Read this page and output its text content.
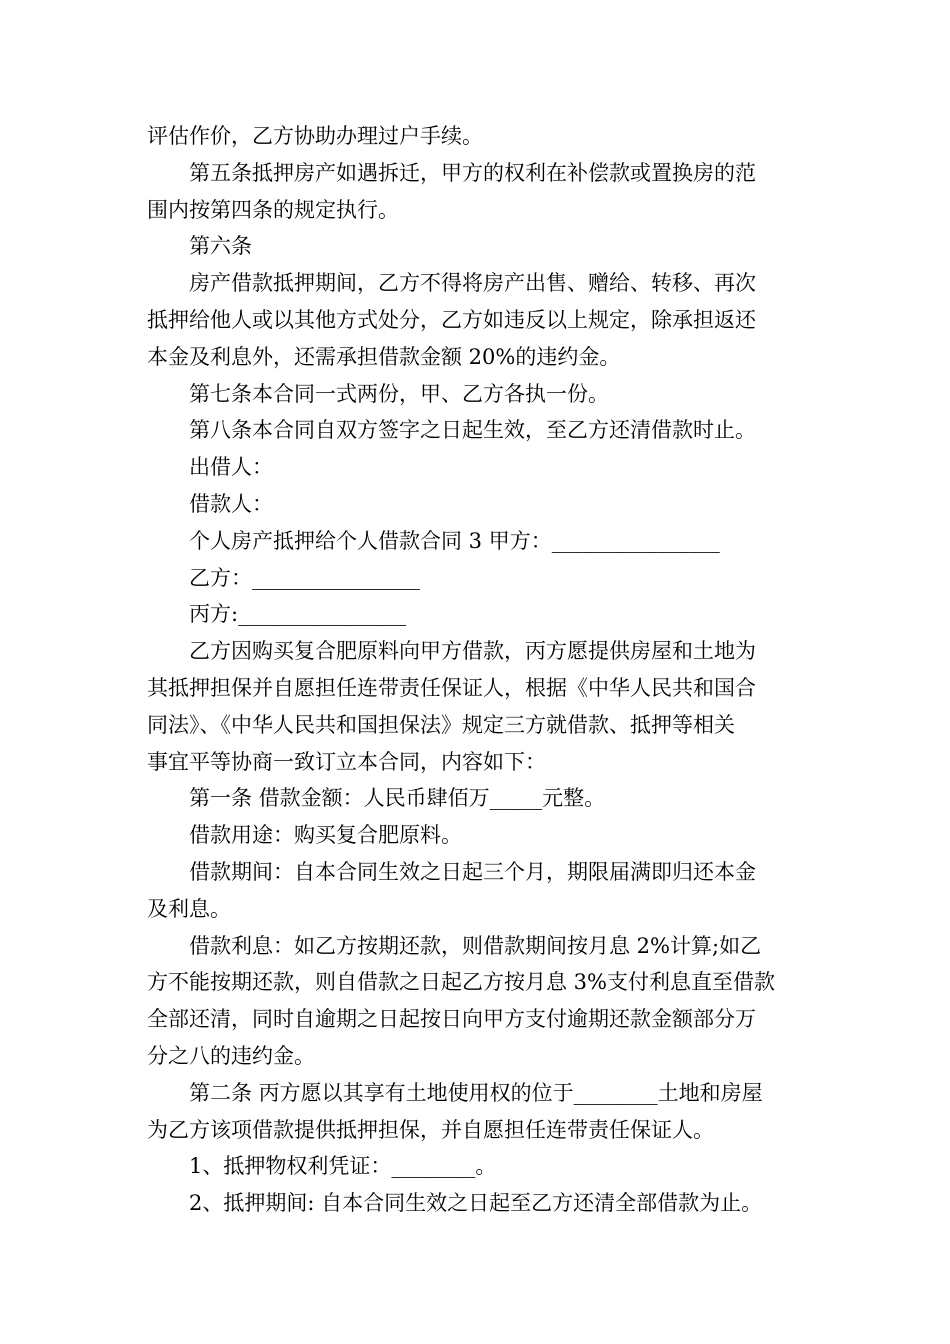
评估作价，乙方协助办理过户手续。

第五条抵押房产如遇拆迁，甲方的权利在补偿款或置换房的范

围内按第四条的规定执行。

第六条

房产借款抵押期间，乙方不得将房产出售、赠给、转移、再次

抵押给他人或以其他方式处分，乙方如违反以上规定，除承担返还

本金及利息外，还需承担借款金额 20%的违约金。

第七条本合同一式两份，甲、乙方各执一份。

第八条本合同自双方签字之日起生效，至乙方还清借款时止。

出借人：

借款人：

个人房产抵押给个人借款合同 3 甲方：________________

乙方：________________

丙方:________________

乙方因购买复合肥原料向甲方借款，丙方愿提供房屋和土地为

其抵押担保并自愿担任连带责任保证人，根据《中华人民共和国合

同法》、《中华人民共和国担保法》规定三方就借款、抵押等相关

事宜平等协商一致订立本合同，内容如下：

第一条 借款金额：人民币肆佰万_____元整。

借款用途：购买复合肥原料。

借款期间：自本合同生效之日起三个月，期限届满即归还本金

及利息。

借款利息：如乙方按期还款，则借款期间按月息 2%计算;如乙

方不能按期还款，则自借款之日起乙方按月息 3%支付利息直至借款

全部还清，同时自逾期之日起按日向甲方支付逾期还款金额部分万

分之八的违约金。

第二条 丙方愿以其享有土地使用权的位于________土地和房屋

为乙方该项借款提供抵押担保，并自愿担任连带责任保证人。

1、抵押物权利凭证：________。

2、抵押期间: 自本合同生效之日起至乙方还清全部借款为止。
